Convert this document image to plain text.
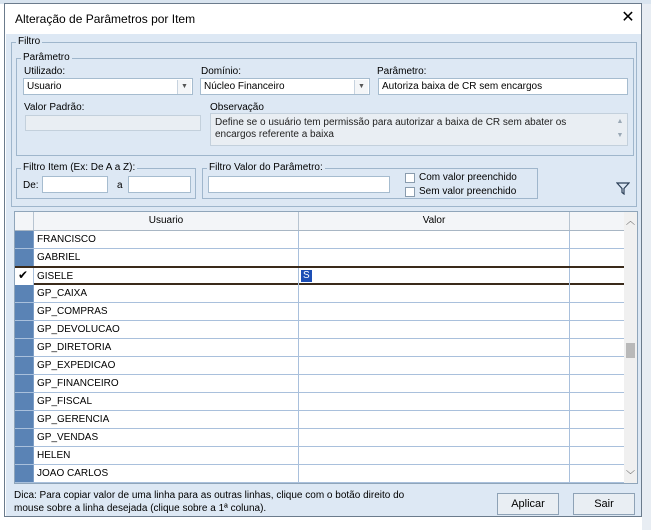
Alteração de Parâmetros por Item	✕
Filtro
Parâmetro
Utilizado:
Usuario	▼
Domínio:
Núcleo Financeiro	▼
Parâmetro:
Autoriza baixa de CR sem encargos
Valor Padrão:	Observação
Define se o usuário tem permissão para autorizar a baixa de CR sem abater os encargos referente a baixa
▲
▼
Filtro Item (Ex: De A a Z):
De:	a
Filtro Valor do Parâmetro:
Com valor preenchido
Sem valor preenchido
Usuario	Valor
FRANCISCO
GABRIEL
✔ GISELE	S
GP_CAIXA
GP_COMPRAS
GP_DEVOLUCAO
GP_DIRETORIA
GP_EXPEDICAO
GP_FINANCEIRO
GP_FISCAL
GP_GERENCIA
GP_VENDAS
HELEN
JOAO CARLOS
︿
﹀
Dica: Para copiar valor de uma linha para as outras linhas, clique com o botão direito do mouse sobre a linha desejada (clique sobre a 1ª coluna).	Aplicar	Sair
